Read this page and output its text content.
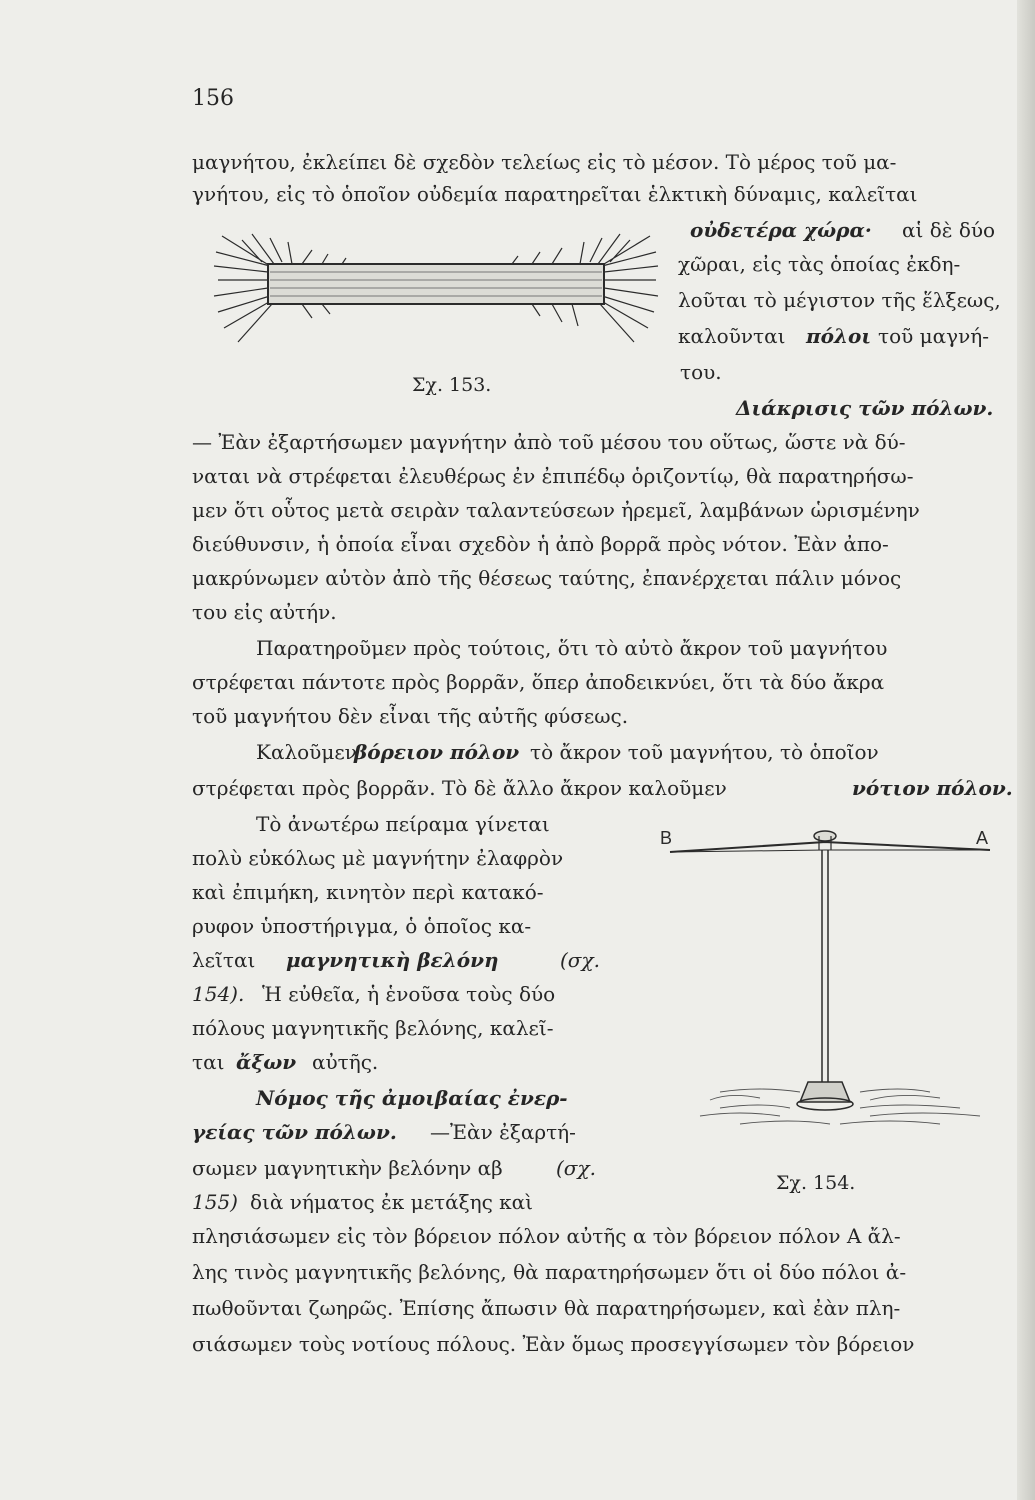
156
μαγνήτου, ἐκλείπει δὲ σχεδὸν τελείως εἰς τὸ μέσον. Τὸ μέρος τοῦ μα-
γνήτου, εἰς τὸ ὁποῖον οὐδεμία παρατηρεῖται ἑλκτικὴ δύναμις, καλεῖται
οὐδετέρα χώρα· αἱ δὲ δύο
χῶραι, εἰς τὰς ὁποίας ἐκδη-
λοῦται τὸ μέγιστον τῆς ἕλξεως,
καλοῦνται πόλοι τοῦ μαγνή-
του.
Σχ. 153.
Διάκρισις τῶν πόλων.
— Ἐὰν ἐξαρτήσωμεν μαγνήτην ἀπὸ τοῦ μέσου του οὕτως, ὥστε νὰ δύ-
ναται νὰ στρέφεται ἐλευθέρως ἐν ἐπιπέδῳ ὁριζοντίῳ, θὰ παρατηρήσω-
μεν ὅτι οὗτος μετὰ σειρὰν ταλαντεύσεων ἠρεμεῖ, λαμβάνων ὡρισμένην
διεύθυνσιν, ἡ ὁποία εἶναι σχεδὸν ἡ ἀπὸ βορρᾶ πρὸς νότον. Ἐὰν ἀπο-
μακρύνωμεν αὐτὸν ἀπὸ τῆς θέσεως ταύτης, ἐπανέρχεται πάλιν μόνος
του εἰς αὐτήν.
Παρατηροῦμεν πρὸς τούτοις, ὅτι τὸ αὐτὸ ἄκρον τοῦ μαγνήτου
στρέφεται πάντοτε πρὸς βορρᾶν, ὅπερ ἀποδεικνύει, ὅτι τὰ δύο ἄκρα
τοῦ μαγνήτου δὲν εἶναι τῆς αὐτῆς φύσεως.
Καλοῦμεν
βόρειον πόλον τὸ ἄκρον τοῦ μαγνήτου, τὸ ὁποῖον
στρέφεται πρὸς βορρᾶν. Τὸ δὲ ἄλλο ἄκρον καλοῦμεν	νότιον πόλον.
Τὸ ἀνωτέρω πείραμα γίνεται
πολὺ εὐκόλως μὲ μαγνήτην ἐλαφρὸν
καὶ ἐπιμήκη, κινητὸν περὶ κατακό-
ρυφον ὑποστήριγμα, ὁ ὁποῖος κα-
λεῖται μαγνητικὴ βελόνη	(σχ.
154). Ἡ εὐθεῖα, ἡ ἑνοῦσα τοὺς δύο
πόλους μαγνητικῆς βελόνης, καλεῖ-
ται ἄξων αὐτῆς.
Νόμος τῆς ἀμοιβαίας ἐνερ-
γείας τῶν πόλων. —Ἐὰν ἐξαρτή-
σωμεν μαγνητικὴν βελόνην αβ	(σχ.
155) διὰ νήματος ἐκ μετάξης καὶ
B	A
Σχ. 154.
πλησιάσωμεν εἰς τὸν βόρειον πόλον αὐτῆς α τὸν βόρειον πόλον Α ἄλ-
λης τινὸς μαγνητικῆς βελόνης, θὰ παρατηρήσωμεν ὅτι οἱ δύο πόλοι ἀ-
πωθοῦνται ζωηρῶς. Ἐπίσης ἄπωσιν θὰ παρατηρήσωμεν, καὶ ἐὰν πλη-
σιάσωμεν τοὺς νοτίους πόλους. Ἐὰν ὅμως προσεγγίσωμεν τὸν βόρειον
